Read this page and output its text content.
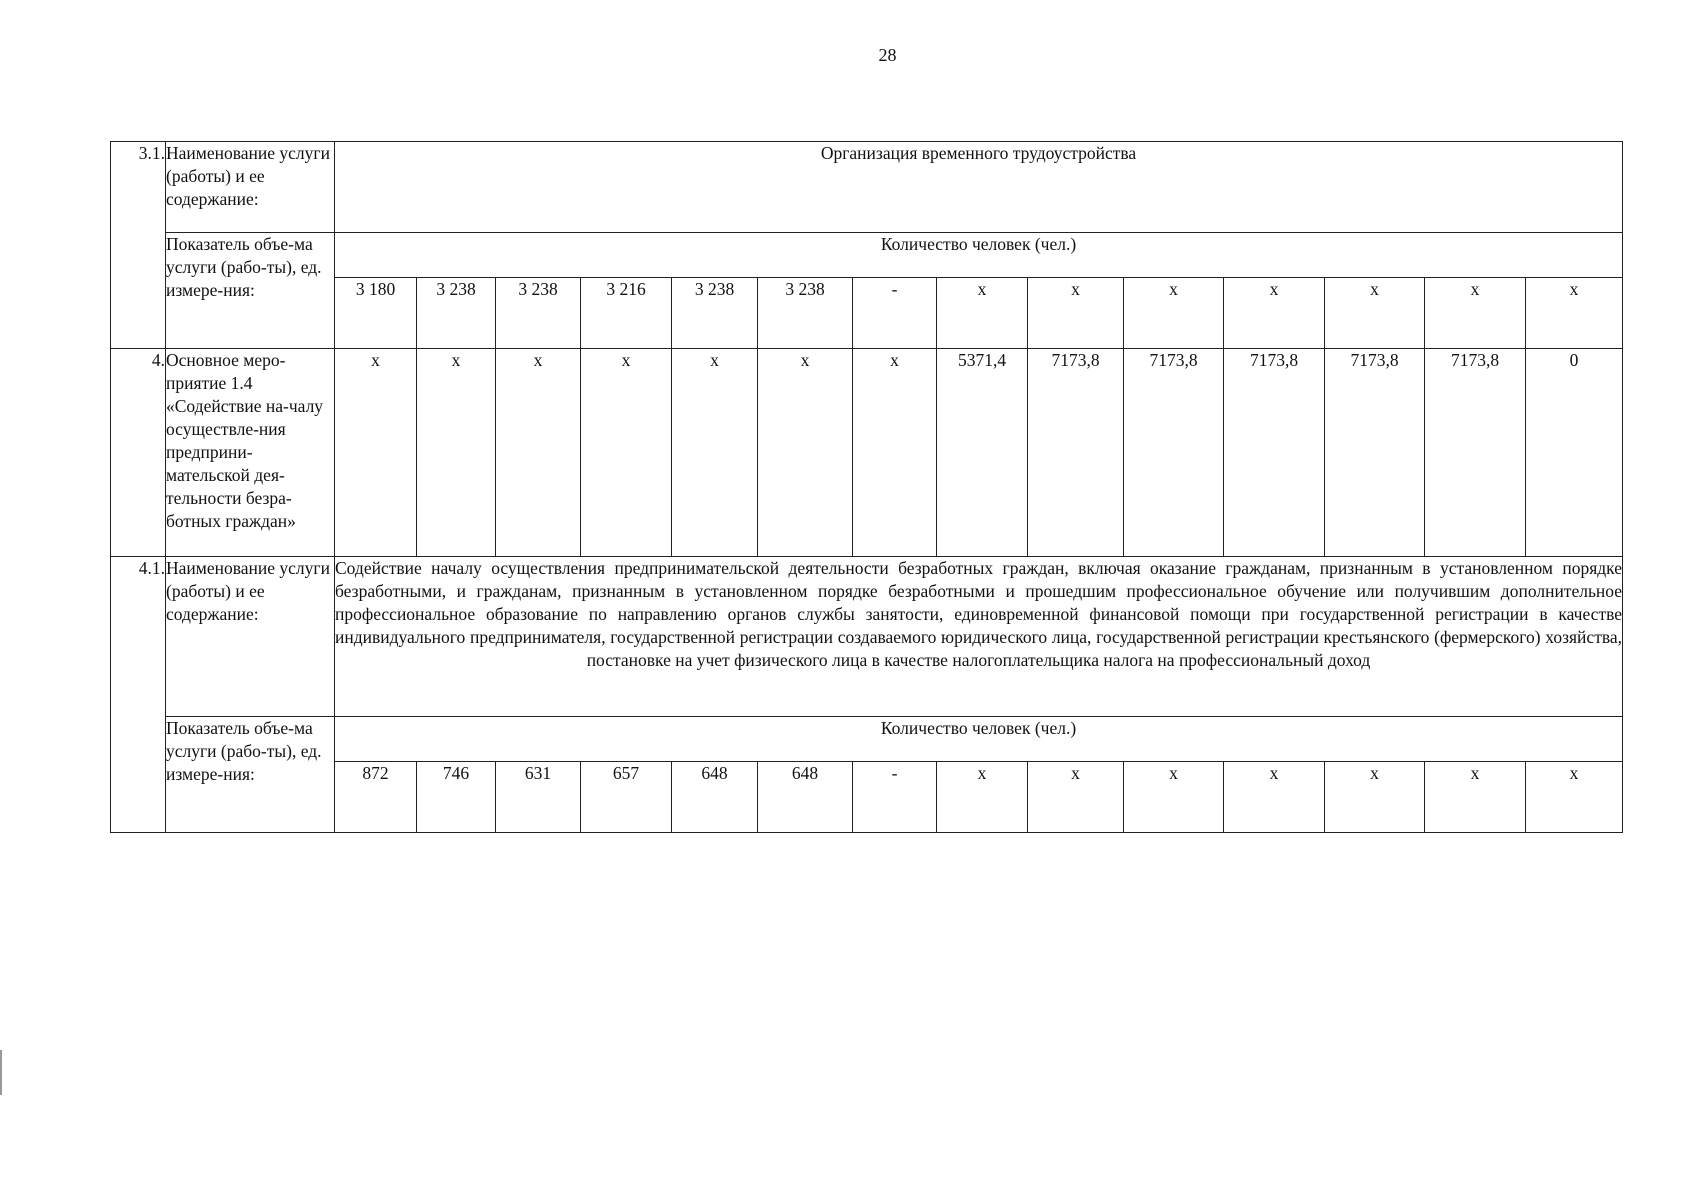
28
3.1.	Наименование услуги (работы) и ее содержание:	Организация временного трудоустройства													
	Показатель объе-ма услуги (рабо-ты), ед. измере-ния:	Количество человек (чел.)													
		3 180	3 238	3 238	3 216	3 238	3 238	-	x	x	x	x	x	x	x
4.	Основное меро-приятие 1.4 «Содействие на-чалу осуществле-ния предприни-мательской дея-тельности безра-ботных граждан»	x	x	x	x	x	x	x	5371,4	7173,8	7173,8	7173,8	7173,8	7173,8	0
4.1.	Наименование услуги (работы) и ее содержание:	Содействие началу осуществления предпринимательской деятельности безработных граждан, включая оказание гражданам, признанным в установленном порядке безработными, и гражданам, признанным в установленном порядке безработными и прошедшим профессиональное обучение или получившим дополнительное профессиональное образование по направлению органов службы занятости, единовременной финансовой помощи при государственной регистрации в качестве индивидуального предпринимателя, государственной регистрации создаваемого юридического лица, государственной регистрации крестьянского (фермерского) хозяйства, постановке на учет физического лица в качестве налогоплательщика налога на профессиональный доход													
	Показатель объе-ма услуги (рабо-ты), ед. измере-ния:	Количество человек (чел.)													
		872	746	631	657	648	648	-	x	x	x	x	x	x	x
